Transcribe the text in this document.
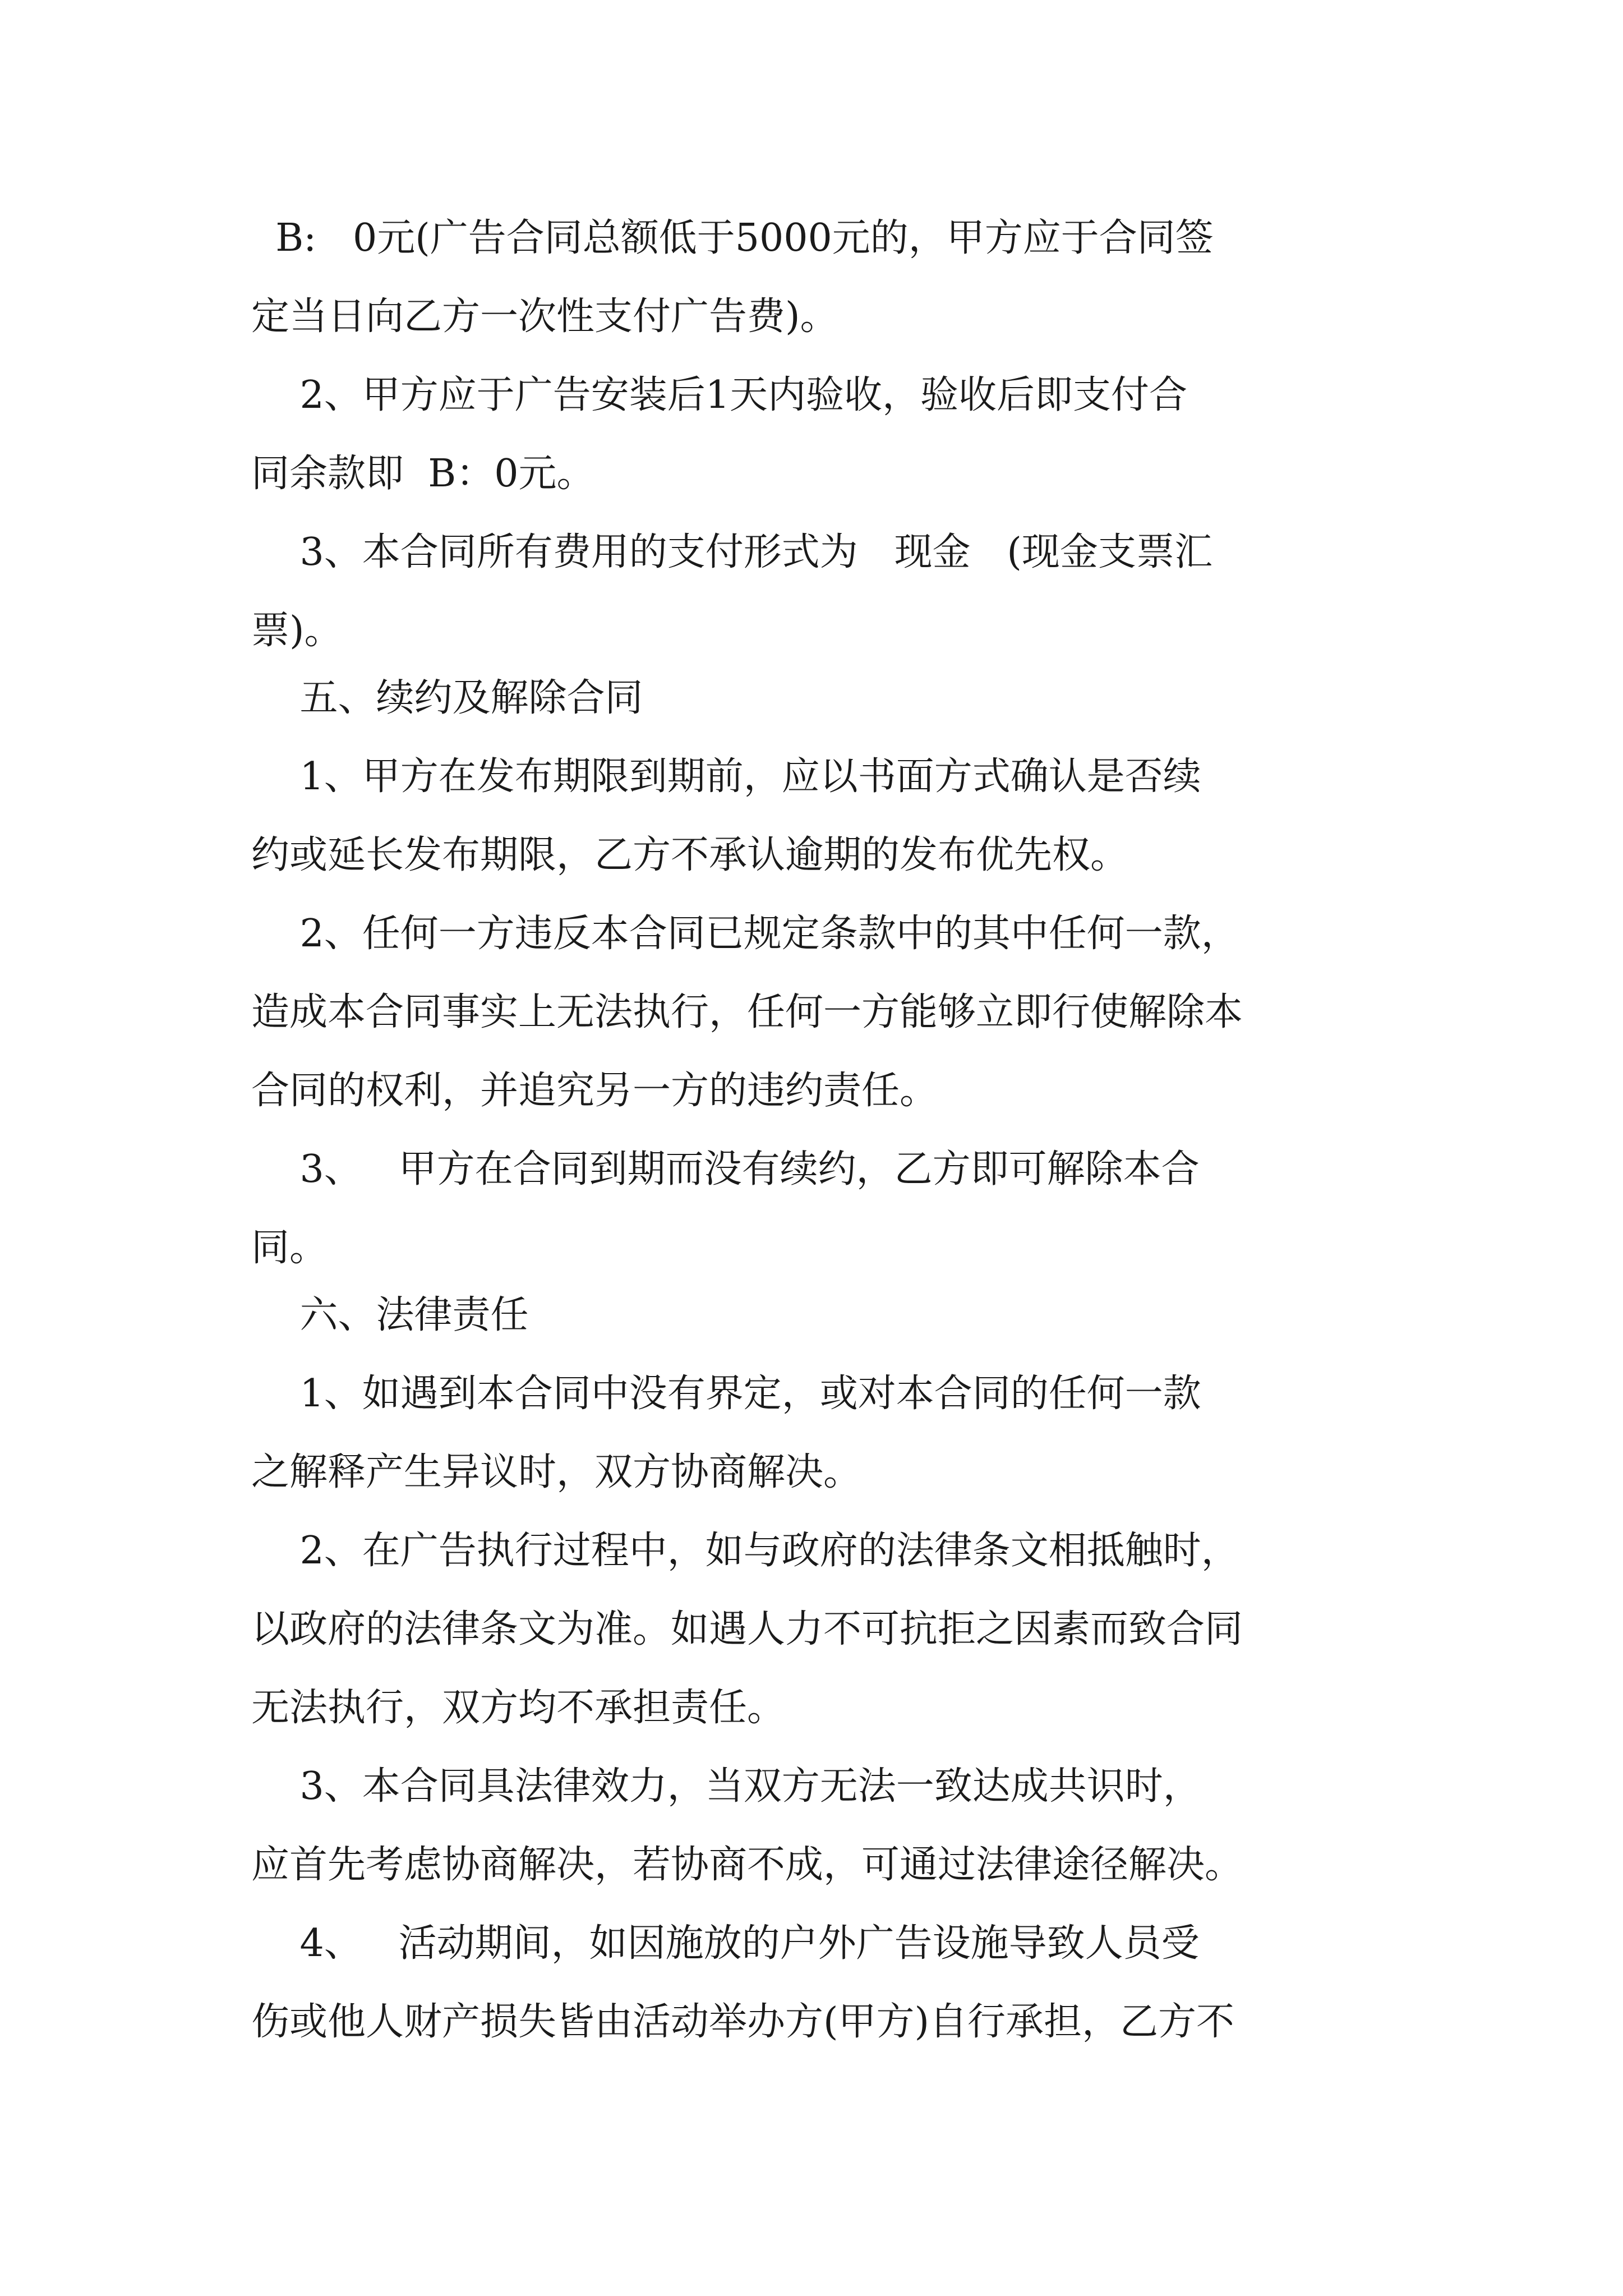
B:   0元(广告合同总额低于5000元的，甲方应于合同签
定当日向乙方一次性支付广告费)。
2、甲方应于广告安装后1天内验收，验收后即支付合
同余款即  B：0元。
3、本合同所有费用的支付形式为   现金   (现金支票汇
票)。
五、续约及解除合同
1、甲方在发布期限到期前，应以书面方式确认是否续
约或延长发布期限，乙方不承认逾期的发布优先权。
2、任何一方违反本合同已规定条款中的其中任何一款，
造成本合同事实上无法执行，任何一方能够立即行使解除本
合同的权利，并追究另一方的违约责任。
3、   甲方在合同到期而没有续约，乙方即可解除本合
同。
六、法律责任
1、如遇到本合同中没有界定，或对本合同的任何一款
之解释产生异议时，双方协商解决。
2、在广告执行过程中，如与政府的法律条文相抵触时，
以政府的法律条文为准。如遇人力不可抗拒之因素而致合同
无法执行，双方均不承担责任。
3、本合同具法律效力，当双方无法一致达成共识时，
应首先考虑协商解决，若协商不成，可通过法律途径解决。
4、   活动期间，如因施放的户外广告设施导致人员受
伤或他人财产损失皆由活动举办方(甲方)自行承担，乙方不
